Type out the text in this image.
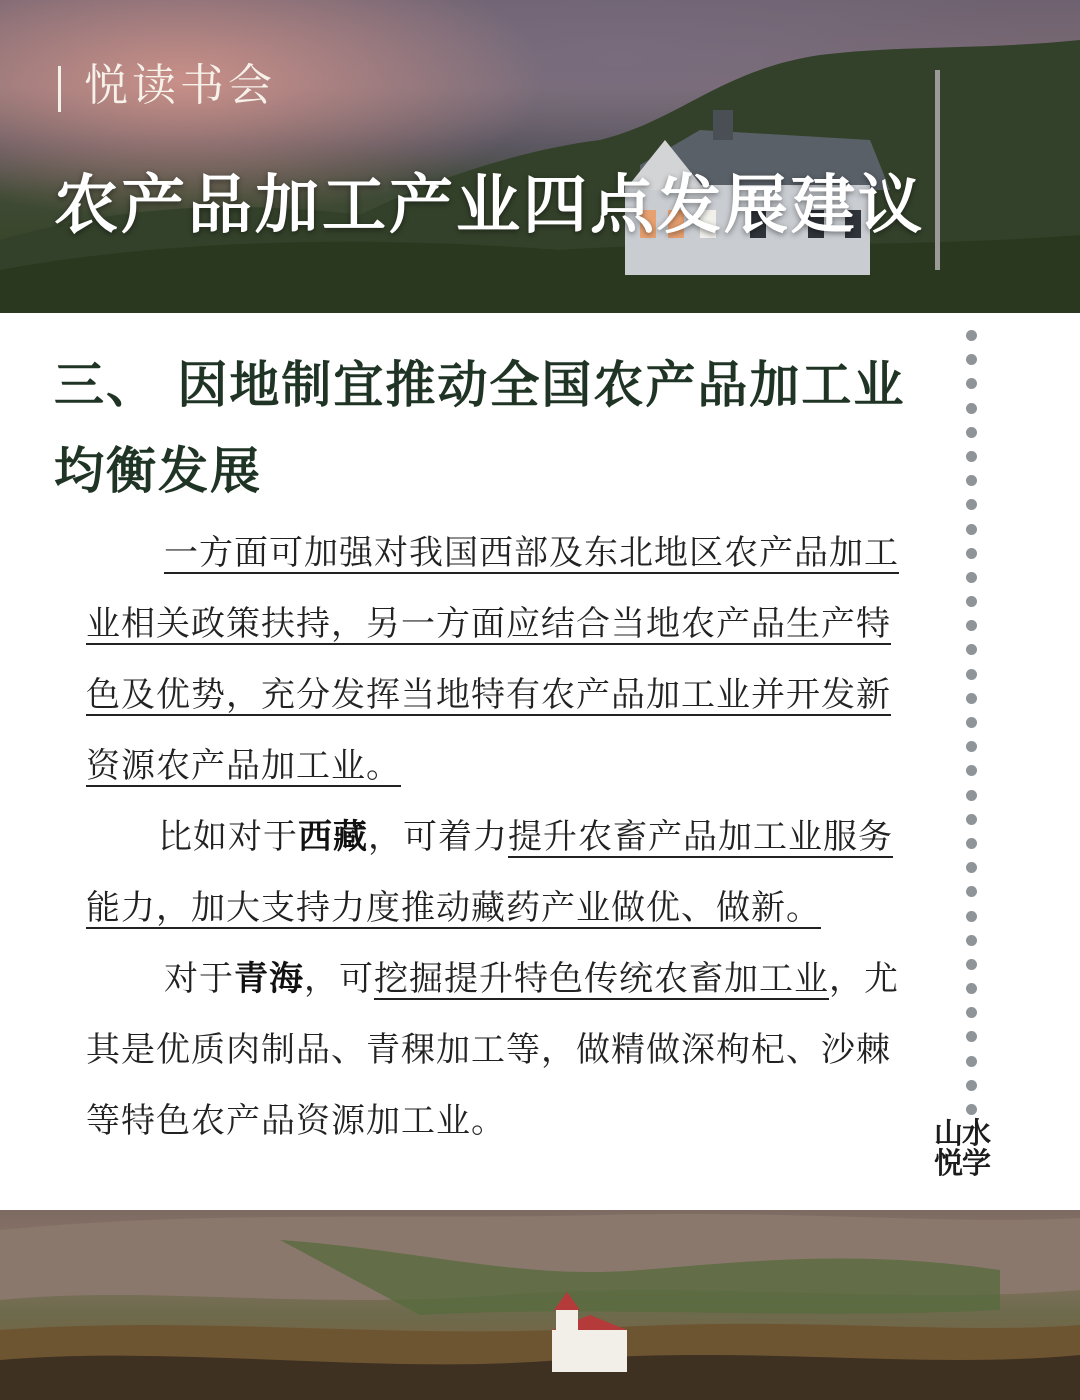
悦读书会
农产品加工产业四点发展建议
三、 因地制宜推动全国农产品加工业均衡发展

一方面可加强对我国西部及东北地区农产品加工业相关政策扶持，另一方面应结合当地农产品生产特色及优势，充分发挥当地特有农产品加工业并开发新资源农产品加工业。

比如对于西藏，可着力提升农畜产品加工业服务能力，加大支持力度推动藏药产业做优、做新。

对于青海，可挖掘提升特色传统农畜加工业，尤其是优质肉制品、青稞加工等，做精做深枸杞、沙棘等特色农产品资源加工业。	山水
悦学
